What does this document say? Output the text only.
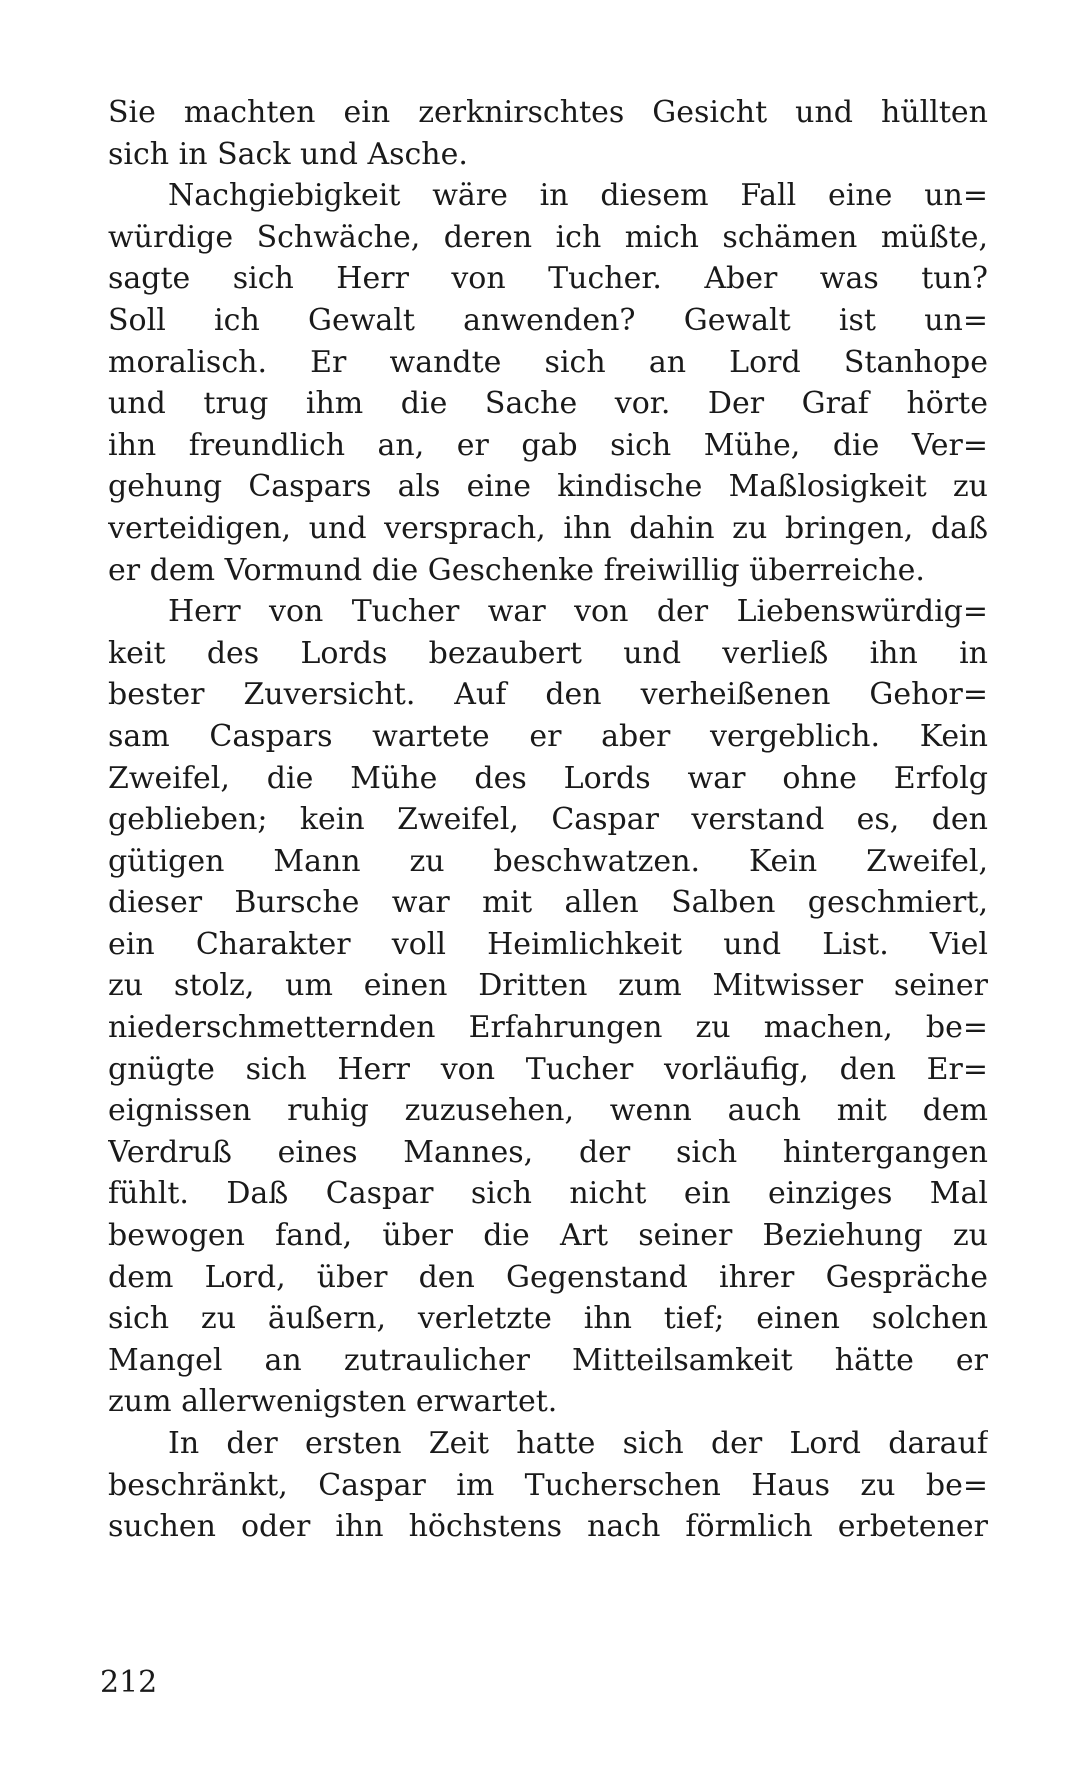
Sie machten ein zerknirschtes Gesicht und hüllten
sich in Sack und Asche.
Nachgiebigkeit wäre in diesem Fall eine un=
würdige Schwäche, deren ich mich schämen müßte,
sagte sich Herr von Tucher. Aber was tun?
Soll ich Gewalt anwenden? Gewalt ist un=
moralisch. Er wandte sich an Lord Stanhope
und trug ihm die Sache vor. Der Graf hörte
ihn freundlich an, er gab sich Mühe, die Ver=
gehung Caspars als eine kindische Maßlosigkeit zu
verteidigen, und versprach, ihn dahin zu bringen, daß
er dem Vormund die Geschenke freiwillig überreiche.
Herr von Tucher war von der Liebenswürdig=
keit des Lords bezaubert und verließ ihn in
bester Zuversicht. Auf den verheißenen Gehor=
sam Caspars wartete er aber vergeblich. Kein
Zweifel, die Mühe des Lords war ohne Erfolg
geblieben; kein Zweifel, Caspar verstand es, den
gütigen Mann zu beschwatzen. Kein Zweifel,
dieser Bursche war mit allen Salben geschmiert,
ein Charakter voll Heimlichkeit und List. Viel
zu stolz, um einen Dritten zum Mitwisser seiner
niederschmetternden Erfahrungen zu machen, be=
gnügte sich Herr von Tucher vorläufig, den Er=
eignissen ruhig zuzusehen, wenn auch mit dem
Verdruß eines Mannes, der sich hintergangen
fühlt. Daß Caspar sich nicht ein einziges Mal
bewogen fand, über die Art seiner Beziehung zu
dem Lord, über den Gegenstand ihrer Gespräche
sich zu äußern, verletzte ihn tief; einen solchen
Mangel an zutraulicher Mitteilsamkeit hätte er
zum allerwenigsten erwartet.
In der ersten Zeit hatte sich der Lord darauf
beschränkt, Caspar im Tucherschen Haus zu be=
suchen oder ihn höchstens nach förmlich erbetener
212
